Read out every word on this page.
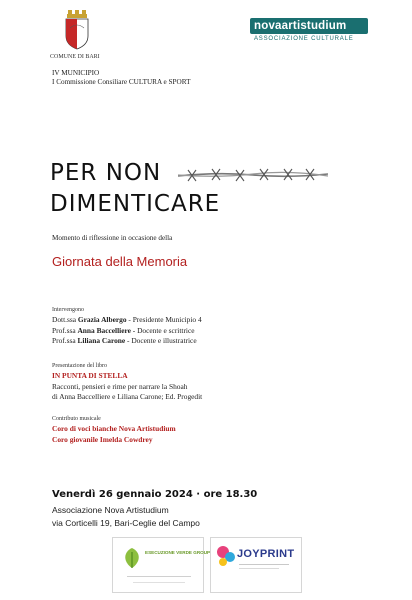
COMUNE DI BARI
novaartistudium
ASSOCIAZIONE CULTURALE
IV MUNICIPIO
I Commissione Consiliare CULTURA e SPORT
PER NON
DIMENTICARE
Momento di riflessione in occasione della
Giornata della Memoria
Intervengono
Dott.ssa Grazia Albergo - Presidente Municipio 4
Prof.ssa Anna Baccelliere - Docente e scrittrice
Prof.ssa Liliana Carone - Docente e illustratrice
Presentazione del libro
IN PUNTA DI STELLA
Racconti, pensieri e rime per narrare la Shoah
di Anna Baccelliere e Liliana Carone; Ed. Progedit
Contributo musicale
Coro di voci bianche Nova Artistudium
Coro giovanile Imelda Cowdrey
Venerdì 26 gennaio 2024 · ore 18.30
Associazione Nova Artistudium
via Corticelli 19, Bari-Ceglie del Campo
ESECUZIONE VERDE GROUP JOYPRINT
